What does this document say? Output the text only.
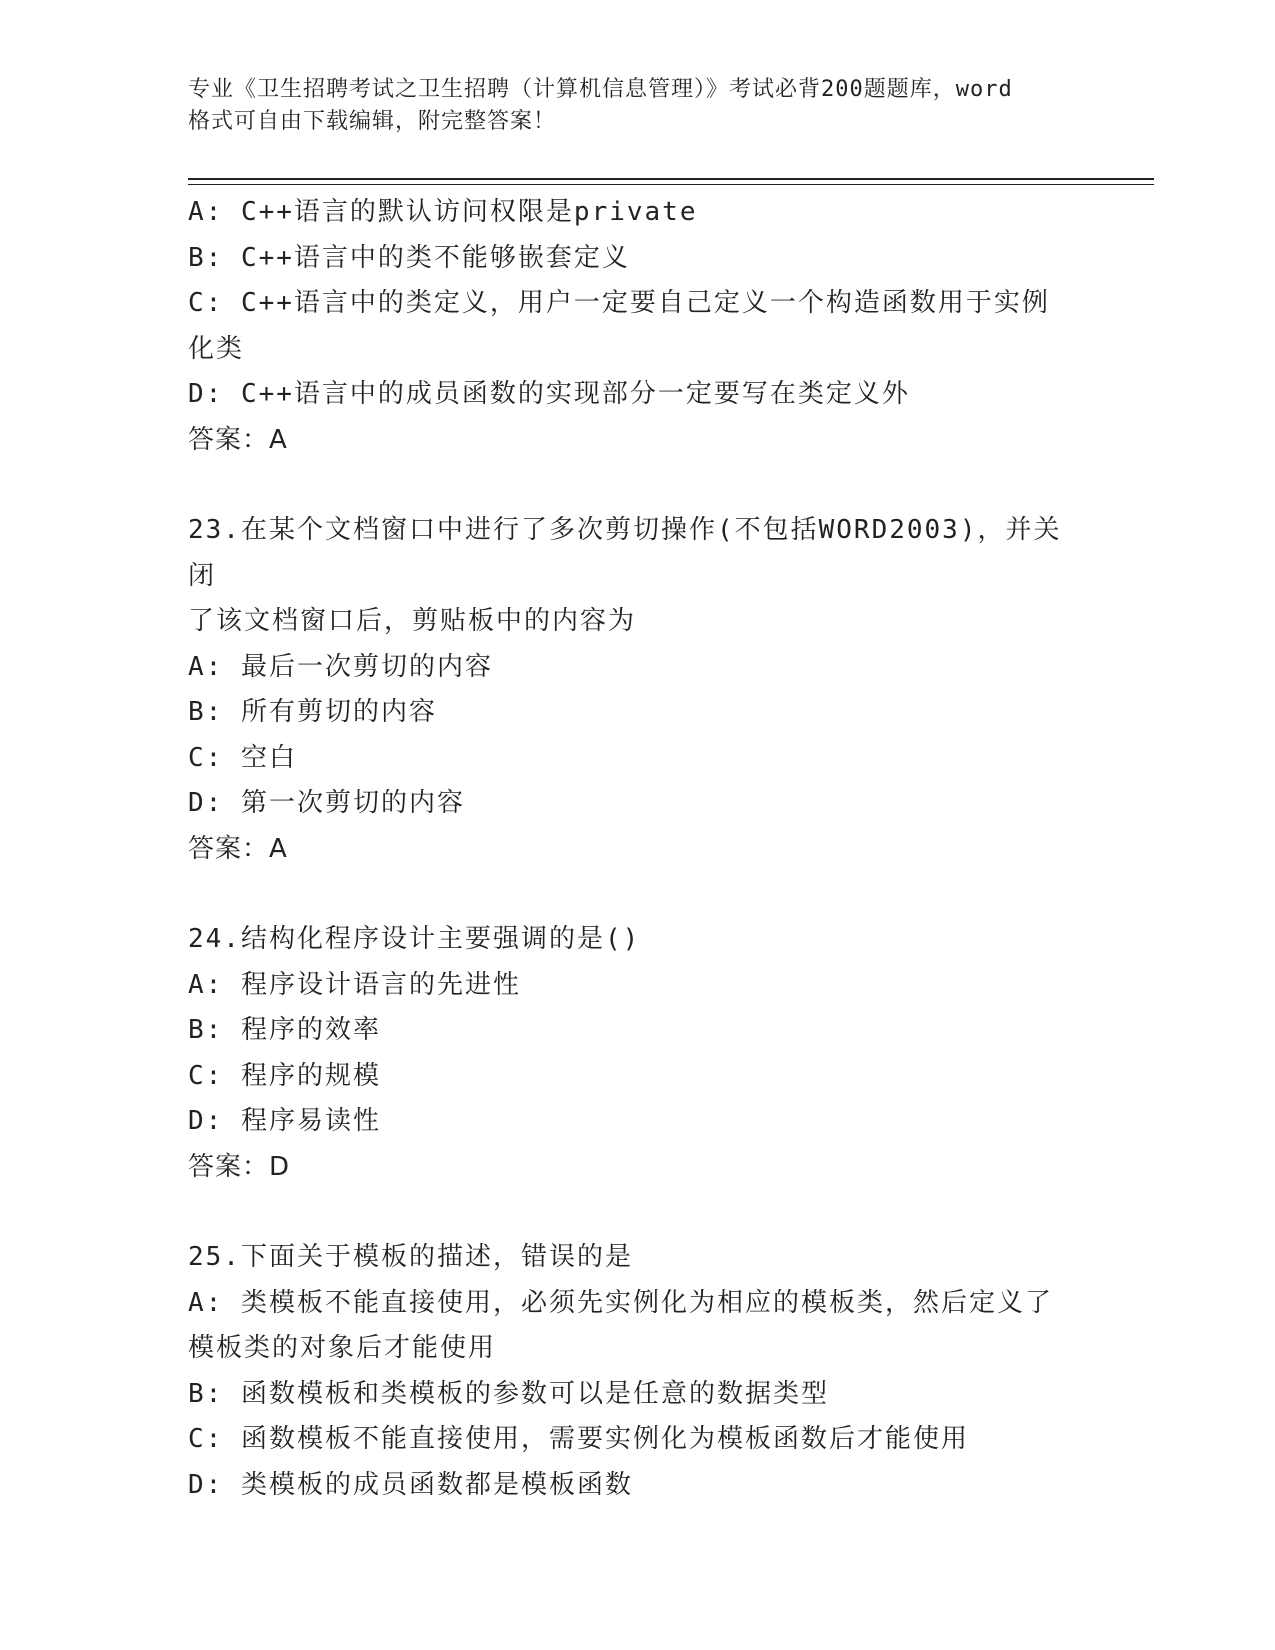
专业《卫生招聘考试之卫生招聘（计算机信息管理）》考试必背200题题库，word
格式可自由下载编辑，附完整答案！
A: C++语言的默认访问权限是private
B: C++语言中的类不能够嵌套定义
C: C++语言中的类定义，用户一定要自己定义一个构造函数用于实例
化类
D: C++语言中的成员函数的实现部分一定要写在类定义外
答案：A
23.在某个文档窗口中进行了多次剪切操作(不包括WORD2003)，并关闭
了该文档窗口后，剪贴板中的内容为
A: 最后一次剪切的内容
B: 所有剪切的内容
C: 空白
D: 第一次剪切的内容
答案：A
24.结构化程序设计主要强调的是()
A: 程序设计语言的先进性
B: 程序的效率
C: 程序的规模
D: 程序易读性
答案：D
25.下面关于模板的描述，错误的是
A: 类模板不能直接使用，必须先实例化为相应的模板类，然后定义了
模板类的对象后才能使用
B: 函数模板和类模板的参数可以是任意的数据类型
C: 函数模板不能直接使用，需要实例化为模板函数后才能使用
D: 类模板的成员函数都是模板函数
